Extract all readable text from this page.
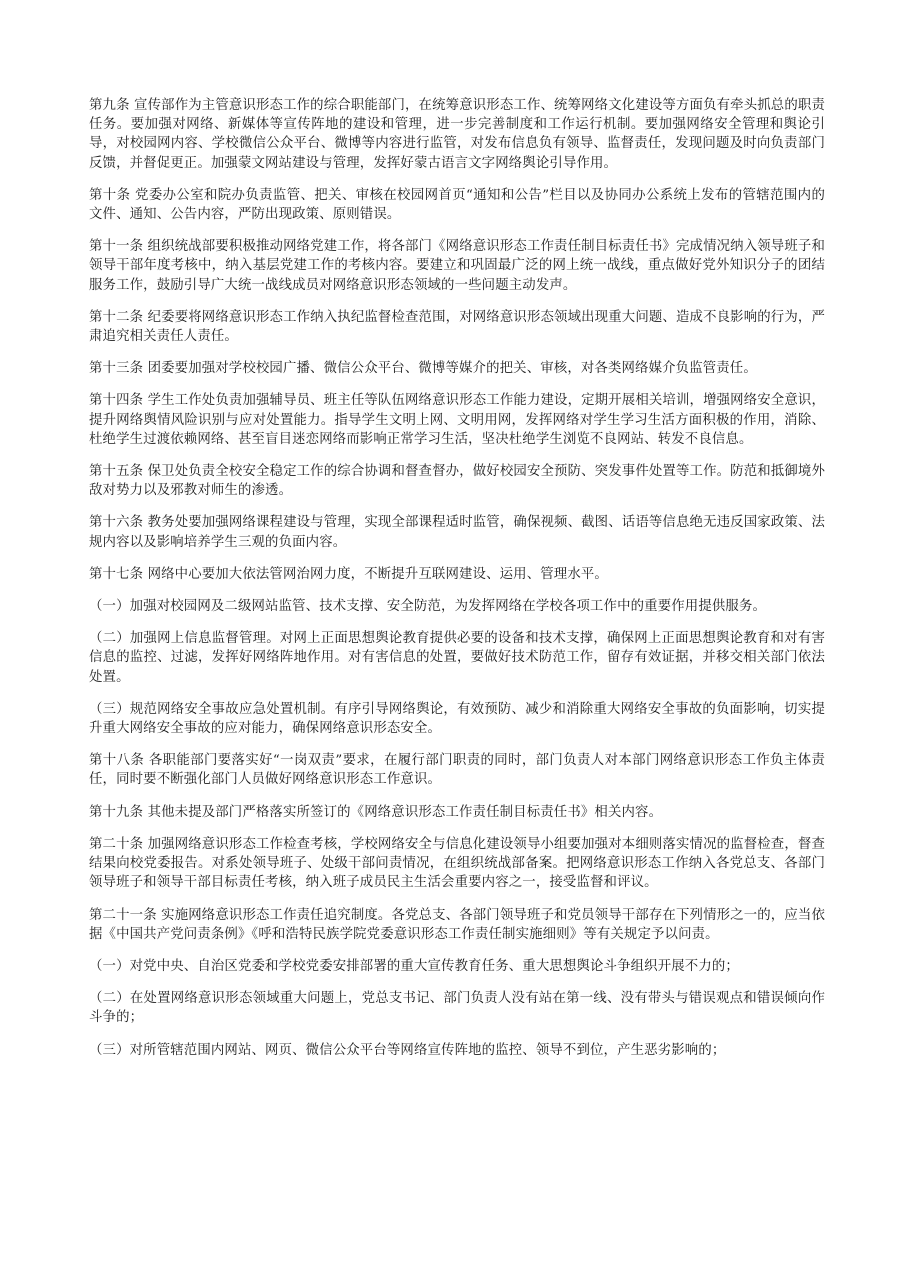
第九条 宣传部作为主管意识形态工作的综合职能部门，在统筹意识形态工作、统筹网络文化建设等方面负有牵头抓总的职责任务。要加强对网络、新媒体等宣传阵地的建设和管理，进一步完善制度和工作运行机制。要加强网络安全管理和舆论引导，对校园网内容、学校微信公众平台、微博等内容进行监管，对发布信息负有领导、监督责任，发现问题及时向负责部门反馈，并督促更正。加强蒙文网站建设与管理，发挥好蒙古语言文字网络舆论引导作用。

第十条 党委办公室和院办负责监管、把关、审核在校园网首页“通知和公告”栏目以及协同办公系统上发布的管辖范围内的文件、通知、公告内容，严防出现政策、原则错误。

第十一条 组织统战部要积极推动网络党建工作，将各部门《网络意识形态工作责任制目标责任书》完成情况纳入领导班子和领导干部年度考核中，纳入基层党建工作的考核内容。要建立和巩固最广泛的网上统一战线，重点做好党外知识分子的团结服务工作，鼓励引导广大统一战线成员对网络意识形态领域的一些问题主动发声。

第十二条 纪委要将网络意识形态工作纳入执纪监督检查范围，对网络意识形态领域出现重大问题、造成不良影响的行为，严肃追究相关责任人责任。

第十三条 团委要加强对学校校园广播、微信公众平台、微博等媒介的把关、审核，对各类网络媒介负监管责任。

第十四条 学生工作处负责加强辅导员、班主任等队伍网络意识形态工作能力建设，定期开展相关培训，增强网络安全意识，提升网络舆情风险识别与应对处置能力。指导学生文明上网、文明用网，发挥网络对学生学习生活方面积极的作用，消除、杜绝学生过渡依赖网络、甚至盲目迷恋网络而影响正常学习生活，坚决杜绝学生浏览不良网站、转发不良信息。

第十五条 保卫处负责全校安全稳定工作的综合协调和督查督办，做好校园安全预防、突发事件处置等工作。防范和抵御境外敌对势力以及邪教对师生的渗透。

第十六条 教务处要加强网络课程建设与管理，实现全部课程适时监管，确保视频、截图、话语等信息绝无违反国家政策、法规内容以及影响培养学生三观的负面内容。

第十七条 网络中心要加大依法管网治网力度，不断提升互联网建设、运用、管理水平。

（一）加强对校园网及二级网站监管、技术支撑、安全防范，为发挥网络在学校各项工作中的重要作用提供服务。

（二）加强网上信息监督管理。对网上正面思想舆论教育提供必要的设备和技术支撑，确保网上正面思想舆论教育和对有害信息的监控、过滤，发挥好网络阵地作用。对有害信息的处置，要做好技术防范工作，留存有效证据，并移交相关部门依法处置。

（三）规范网络安全事故应急处置机制。有序引导网络舆论，有效预防、减少和消除重大网络安全事故的负面影响，切实提升重大网络安全事故的应对能力，确保网络意识形态安全。

第十八条 各职能部门要落实好“一岗双责”要求，在履行部门职责的同时，部门负责人对本部门网络意识形态工作负主体责任，同时要不断强化部门人员做好网络意识形态工作意识。

第十九条 其他未提及部门严格落实所签订的《网络意识形态工作责任制目标责任书》相关内容。

第二十条 加强网络意识形态工作检查考核，学校网络安全与信息化建设领导小组要加强对本细则落实情况的监督检查，督查结果向校党委报告。对系处领导班子、处级干部问责情况，在组织统战部备案。把网络意识形态工作纳入各党总支、各部门领导班子和领导干部目标责任考核，纳入班子成员民主生活会重要内容之一，接受监督和评议。

第二十一条 实施网络意识形态工作责任追究制度。各党总支、各部门领导班子和党员领导干部存在下列情形之一的，应当依据《中国共产党问责条例》《呼和浩特民族学院党委意识形态工作责任制实施细则》等有关规定予以问责。

（一）对党中央、自治区党委和学校党委安排部署的重大宣传教育任务、重大思想舆论斗争组织开展不力的；

（二）在处置网络意识形态领域重大问题上，党总支书记、部门负责人没有站在第一线、没有带头与错误观点和错误倾向作斗争的；

（三）对所管辖范围内网站、网页、微信公众平台等网络宣传阵地的监控、领导不到位，产生恶劣影响的；
